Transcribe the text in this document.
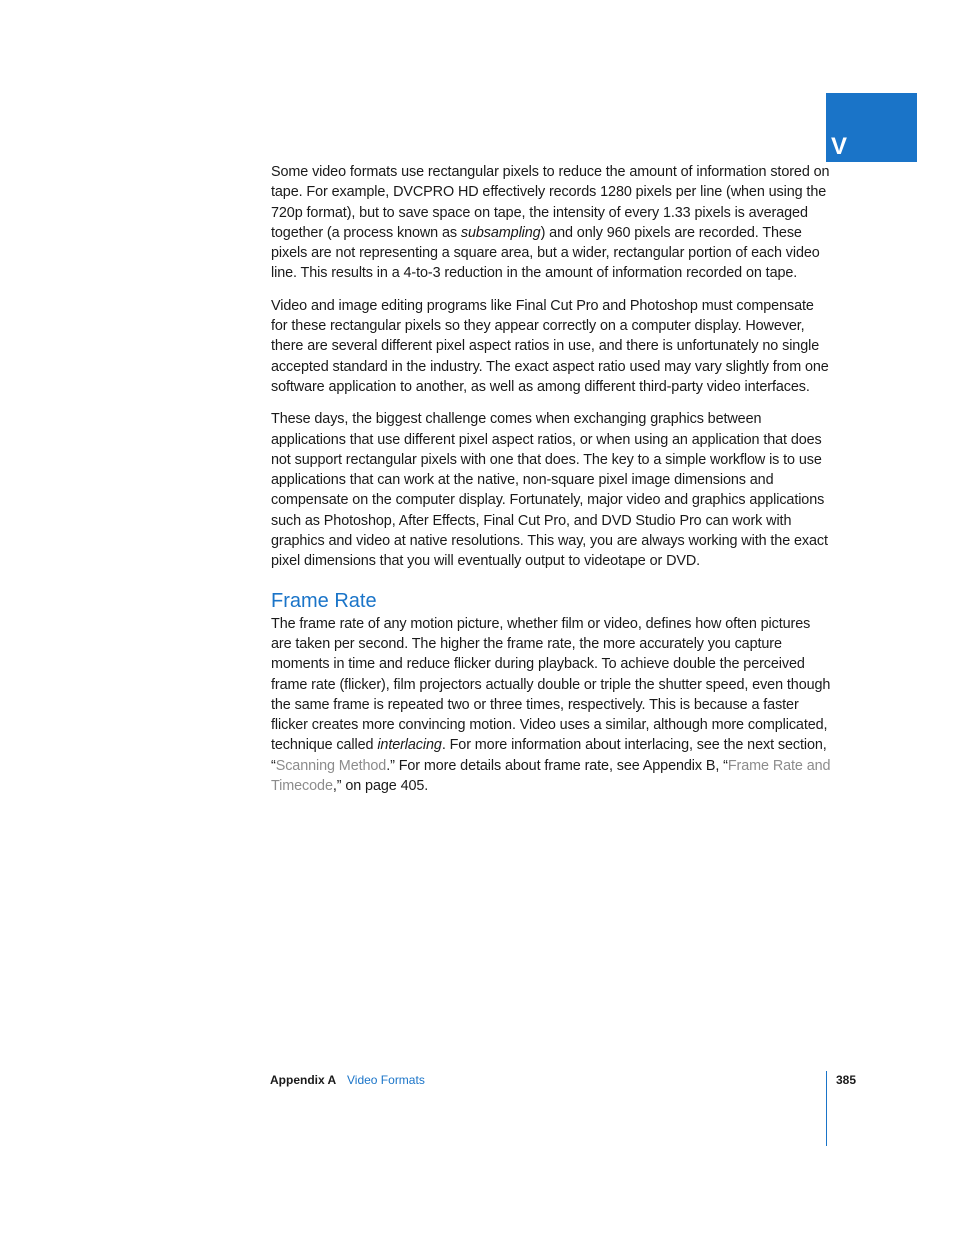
V

Some video formats use rectangular pixels to reduce the amount of information stored on tape. For example, DVCPRO HD effectively records 1280 pixels per line (when using the 720p format), but to save space on tape, the intensity of every 1.33 pixels is averaged together (a process known as subsampling) and only 960 pixels are recorded. These pixels are not representing a square area, but a wider, rectangular portion of each video line. This results in a 4-to-3 reduction in the amount of information recorded on tape.

Video and image editing programs like Final Cut Pro and Photoshop must compensate for these rectangular pixels so they appear correctly on a computer display. However, there are several different pixel aspect ratios in use, and there is unfortunately no single accepted standard in the industry. The exact aspect ratio used may vary slightly from one software application to another, as well as among different third-party video interfaces.

These days, the biggest challenge comes when exchanging graphics between applications that use different pixel aspect ratios, or when using an application that does not support rectangular pixels with one that does. The key to a simple workflow is to use applications that can work at the native, non-square pixel image dimensions and compensate on the computer display. Fortunately, major video and graphics applications such as Photoshop, After Effects, Final Cut Pro, and DVD Studio Pro can work with graphics and video at native resolutions. This way, you are always working with the exact pixel dimensions that you will eventually output to videotape or DVD.

Frame Rate

The frame rate of any motion picture, whether film or video, defines how often pictures are taken per second. The higher the frame rate, the more accurately you capture moments in time and reduce flicker during playback. To achieve double the perceived frame rate (flicker), film projectors actually double or triple the shutter speed, even though the same frame is repeated two or three times, respectively. This is because a faster flicker creates more convincing motion. Video uses a similar, although more complicated, technique called interlacing. For more information about interlacing, see the next section, “Scanning Method.” For more details about frame rate, see Appendix B, “Frame Rate and Timecode,” on page 405.

Appendix A Video Formats	385
